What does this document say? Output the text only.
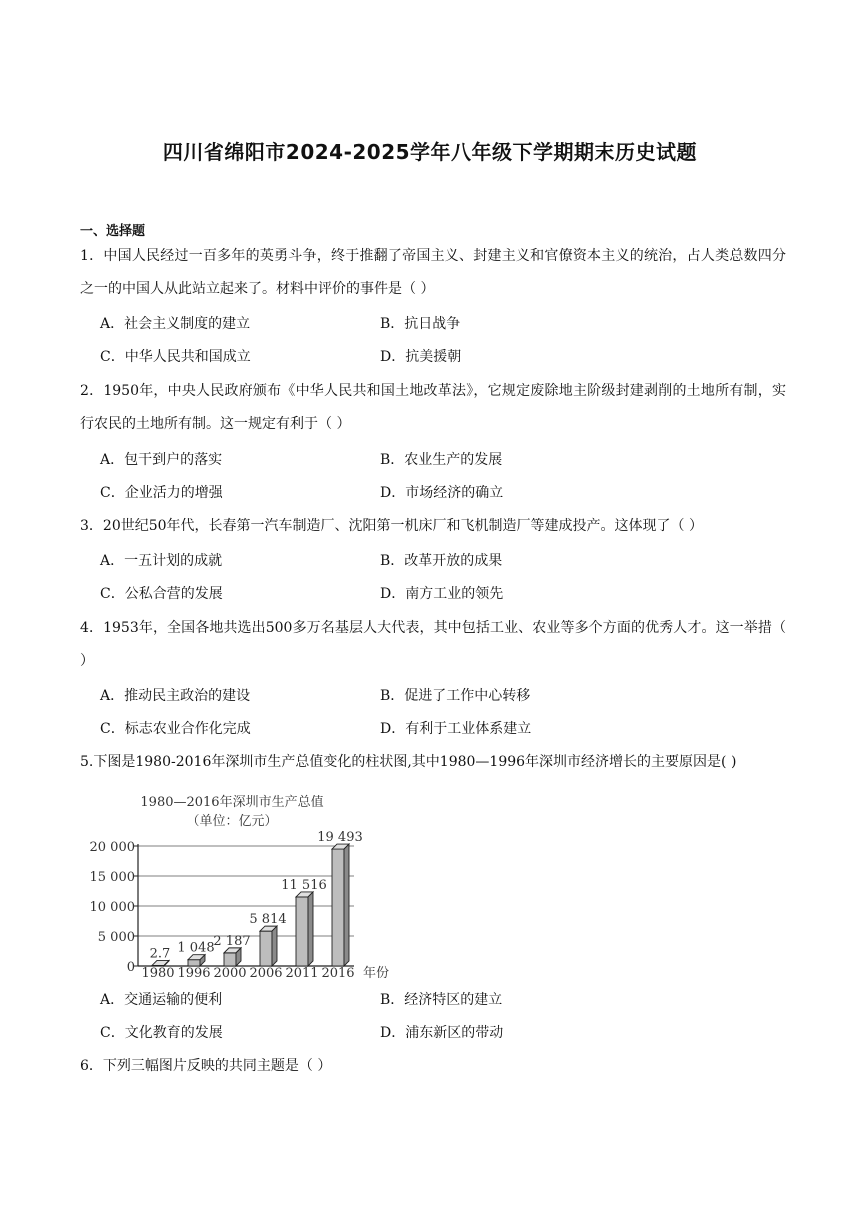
四川省绵阳市2024-2025学年八年级下学期期末历史试题
一、选择题
1．中国人民经过一百多年的英勇斗争，终于推翻了帝国主义、封建主义和官僚资本主义的统治，占人类总数四分之一的中国人从此站立起来了。材料中评价的事件是（ ）
A．社会主义制度的建立	B．抗日战争
C．中华人民共和国成立	D．抗美援朝
2．1950年，中央人民政府颁布《中华人民共和国土地改革法》，它规定废除地主阶级封建剥削的土地所有制，实行农民的土地所有制。这一规定有利于（ ）
A．包干到户的落实	B．农业生产的发展
C．企业活力的增强	D．市场经济的确立
3．20世纪50年代，长春第一汽车制造厂、沈阳第一机床厂和飞机制造厂等建成投产。这体现了（ ）
A．一五计划的成就	B．改革开放的成果
C．公私合营的发展	D．南方工业的领先
4．1953年，全国各地共选出500多万名基层人大代表，其中包括工业、农业等多个方面的优秀人才。这一举措（ ）
A．推动民主政治的建设	B．促进了工作中心转移
C．标志农业合作化完成	D．有利于工业体系建立
5.下图是1980-2016年深圳市生产总值变化的柱状图,其中1980—1996年深圳市经济增长的主要原因是( )
1980—2016年深圳市生产总值
（单位：亿元）
0
5 000
10 000
15 000
20 000
2.7
1980
1 048
1996
2 187
2000
5 814
2006
11 516
2011
19 493
2016 年份
A．交通运输的便利	B．经济特区的建立
C．文化教育的发展	D．浦东新区的带动
6．下列三幅图片反映的共同主题是（ ）
